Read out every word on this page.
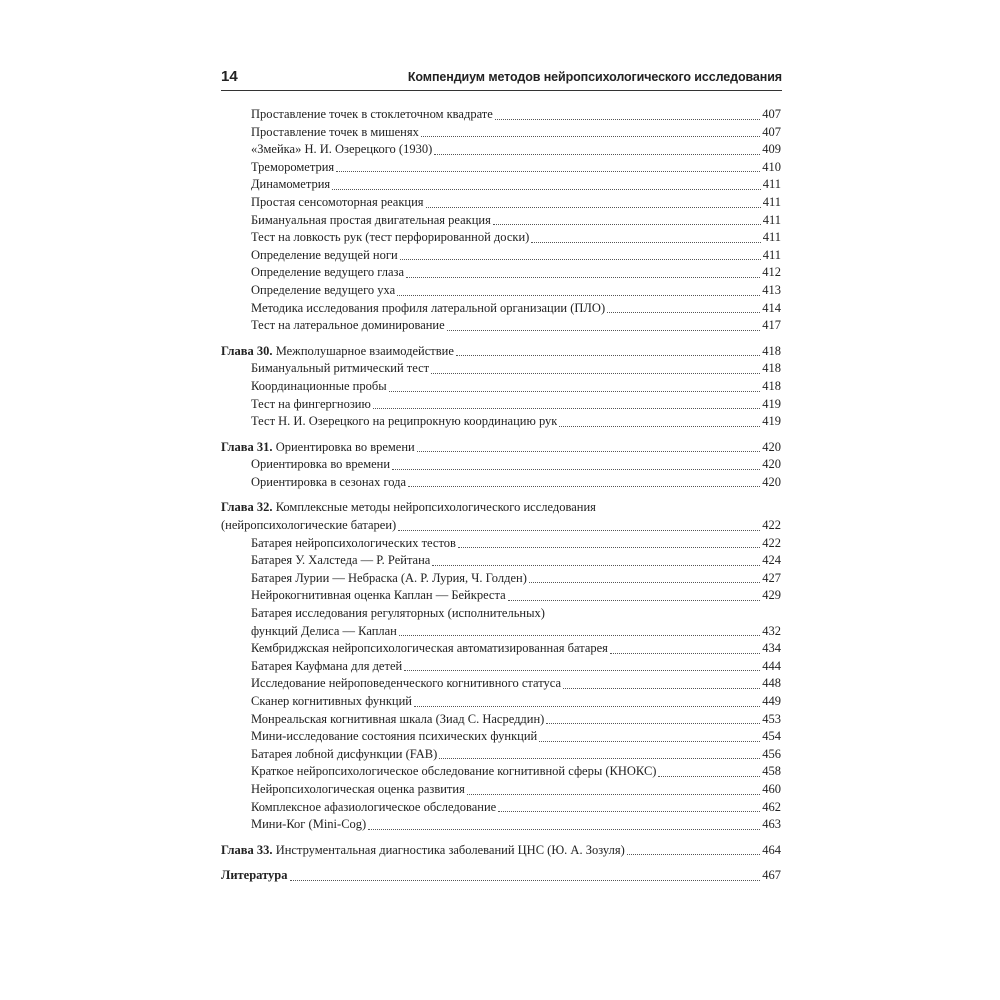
14	Компендиум методов нейропсихологического исследования
Проставление точек в стоклеточном квадрате	407
Проставление точек в мишенях	407
«Змейка» Н. И. Озерецкого (1930)	409
Треморометрия	410
Динамометрия	411
Простая сенсомоторная реакция	411
Бимануальная простая двигательная реакция	411
Тест на ловкость рук (тест перфорированной доски)	411
Определение ведущей ноги	411
Определение ведущего глаза	412
Определение ведущего уха	413
Методика исследования профиля латеральной организации (ПЛО)	414
Тест на латеральное доминирование	417
Глава 30. Межполушарное взаимодействие	418
Бимануальный ритмический тест	418
Координационные пробы	418
Тест на фингергнозию	419
Тест Н. И. Озерецкого на реципрокную координацию рук	419
Глава 31. Ориентировка во времени	420
Ориентировка во времени	420
Ориентировка в сезонах года	420
Глава 32. Комплексные методы нейропсихологического исследования
(нейропсихологические батареи)	422
Батарея нейропсихологических тестов	422
Батарея У. Халстеда — Р. Рейтана	424
Батарея Лурии — Небраска (А. Р. Лурия, Ч. Голден)	427
Нейрокогнитивная оценка Каплан — Бейкреста	429
Батарея исследования регуляторных (исполнительных)
функций Делиса — Каплан	432
Кембриджская нейропсихологическая автоматизированная батарея	434
Батарея Кауфмана для детей	444
Исследование нейроповеденческого когнитивного статуса	448
Сканер когнитивных функций	449
Монреальская когнитивная шкала (Зиад С. Насреддин)	453
Мини-исследование состояния психических функций	454
Батарея лобной дисфункции (FAB)	456
Краткое нейропсихологическое обследование когнитивной сферы (КНОКС)	458
Нейропсихологическая оценка развития	460
Комплексное афазиологическое обследование	462
Мини-Ког (Mini-Cog)	463
Глава 33. Инструментальная диагностика заболеваний ЦНС (Ю. А. Зозуля)	464
Литература	467
